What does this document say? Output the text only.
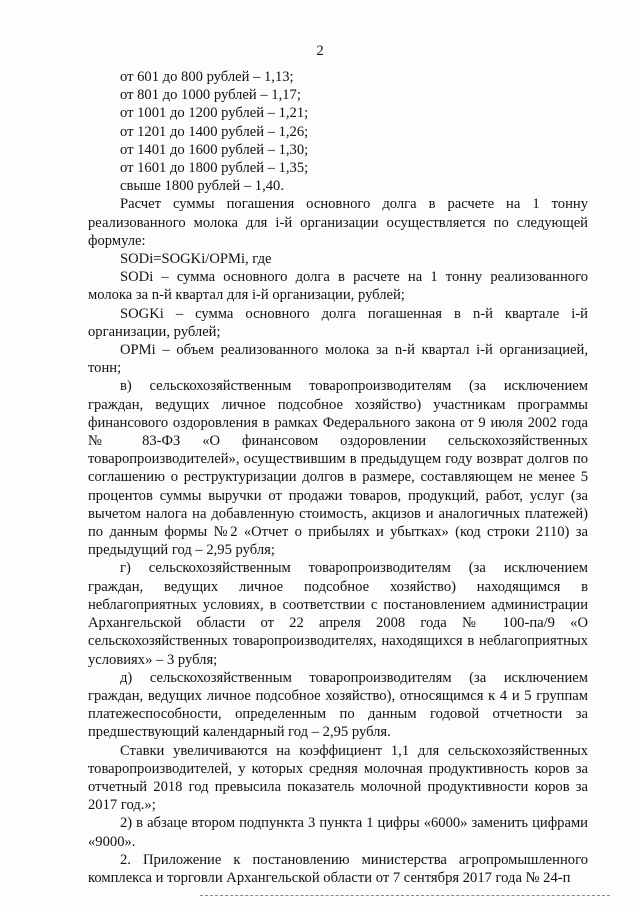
2

от 601 до 800 рублей – 1,13;

от 801 до 1000 рублей – 1,17;

от 1001 до 1200 рублей – 1,21;

от 1201 до 1400 рублей – 1,26;

от 1401 до 1600 рублей – 1,30;

от 1601 до 1800 рублей – 1,35;

свыше 1800 рублей – 1,40.

Расчет суммы погашения основного долга в расчете на 1 тонну реализованного молока для i-й организации осуществляется по следующей формуле:

SODi=SOGKi/OPMi, где

SODi – сумма основного долга в расчете на 1 тонну реализованного молока за n-й квартал для i-й организации, рублей;

SOGKi – сумма основного долга погашенная в n-й квартале i-й организации, рублей;

OPMi – объем реализованного молока за n-й квартал i-й организацией, тонн;

в) сельскохозяйственным товаропроизводителям (за исключением граждан, ведущих личное подсобное хозяйство) участникам программы финансового оздоровления в рамках Федерального закона от 9 июля 2002 года № 83-ФЗ «О финансовом оздоровлении сельскохозяйственных товаропроизводителей», осуществившим в предыдущем году возврат долгов по соглашению о реструктуризации долгов в размере, составляющем не менее 5 процентов суммы выручки от продажи товаров, продукций, работ, услуг (за вычетом налога на добавленную стоимость, акцизов и аналогичных платежей) по данным формы №2 «Отчет о прибылях и убытках» (код строки 2110) за предыдущий год – 2,95 рубля;

г) сельскохозяйственным товаропроизводителям (за исключением граждан, ведущих личное подсобное хозяйство) находящимся в неблагоприятных условиях, в соответствии с постановлением администрации Архангельской области от 22 апреля 2008 года № 100-па/9 «О сельскохозяйственных товаропроизводителях, находящихся в неблагоприятных условиях» – 3 рубля;

д) сельскохозяйственным товаропроизводителям (за исключением граждан, ведущих личное подсобное хозяйство), относящимся к 4 и 5 группам платежеспособности, определенным по данным годовой отчетности за предшествующий календарный год – 2,95 рубля.

Ставки увеличиваются на коэффициент 1,1 для сельскохозяйственных товаропроизводителей, у которых средняя молочная продуктивность коров за отчетный 2018 год превысила показатель молочной продуктивности коров за 2017 год.»;

2) в абзаце втором подпункта 3 пункта 1 цифры «6000» заменить цифрами «9000».

2. Приложение к постановлению министерства агропромышленного комплекса и торговли Архангельской области от 7 сентября 2017 года № 24-п
